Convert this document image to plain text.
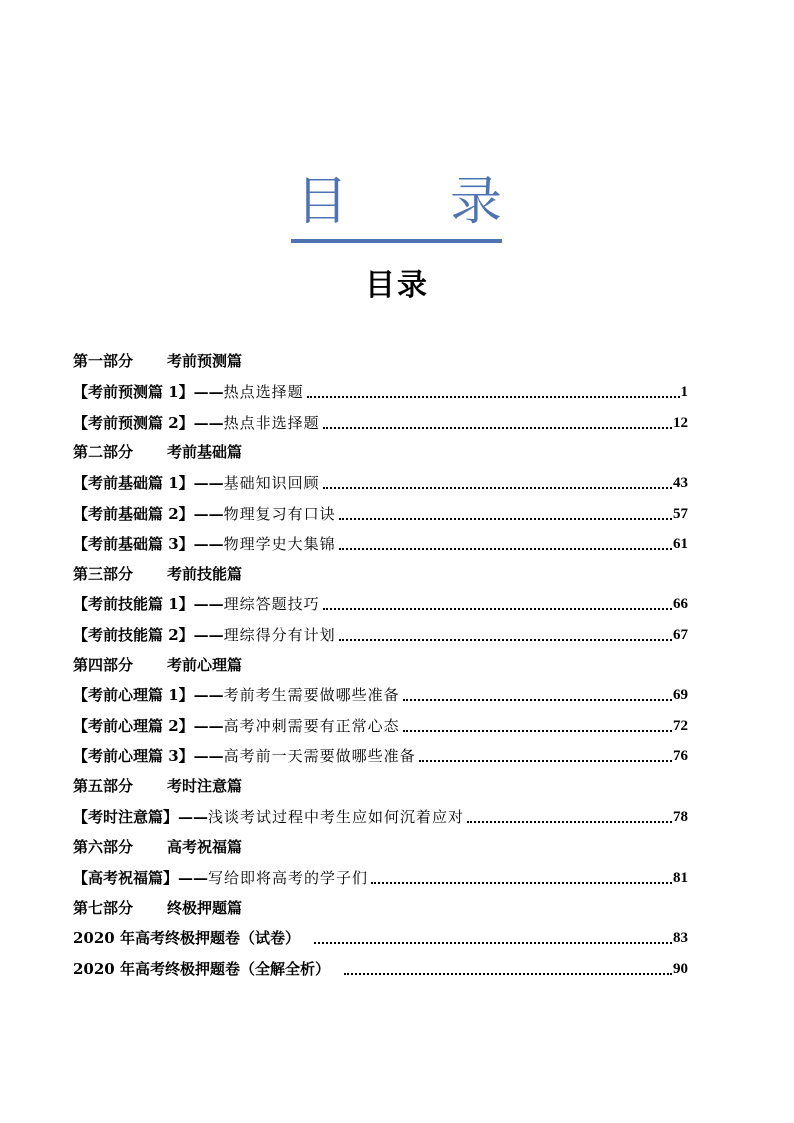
目 录
目录
第一部分	考前预测篇
【考前预测篇 1】—— 热点选择题	1
【考前预测篇 2】—— 热点非选择题	12
第二部分	考前基础篇
【考前基础篇 1】—— 基础知识回顾	43
【考前基础篇 2】—— 物理复习有口诀	57
【考前基础篇 3】—— 物理学史大集锦	61
第三部分	考前技能篇
【考前技能篇 1】—— 理综答题技巧	66
【考前技能篇 2】—— 理综得分有计划	67
第四部分	考前心理篇
【考前心理篇 1】—— 考前考生需要做哪些准备	69
【考前心理篇 2】—— 高考冲刺需要有正常心态	72
【考前心理篇 3】—— 高考前一天需要做哪些准备	76
第五部分	考时注意篇
【考时注意篇】—— 浅谈考试过程中考生应如何沉着应对	78
第六部分	高考祝福篇
【高考祝福篇】—— 写给即将高考的学子们	81
第七部分	终极押题篇
2020 年高考终极押题卷（试卷）	83
2020 年高考终极押题卷（全解全析）	90
